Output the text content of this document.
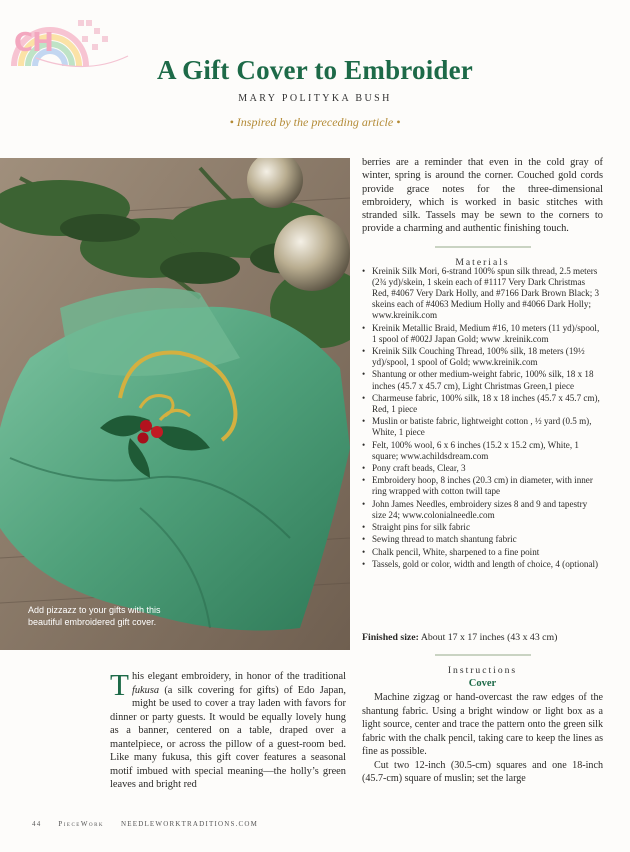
CH
A Gift Cover to Embroider
MARY POLITYKA BUSH
• Inspired by the preceding article •
Add pizzazz to your gifts with this beautiful embroidered gift cover.

berries are a reminder that even in the cold gray of winter, spring is around the corner. Couched gold cords provide grace notes for the three-dimensional embroidery, which is worked in basic stitches with stranded silk. Tassels may be sewn to the corners to provide a charming and authentic finishing touch.

Materials
• Kreinik Silk Mori, 6-strand 100% spun silk thread, 2.5 meters (2¾ yd)/skein, 1 skein each of #1117 Very Dark Christmas Red, #4067 Very Dark Holly, and #7166 Dark Brown Black; 3 skeins each of #4063 Medium Holly and #4066 Dark Holly; www.kreinik.com
• Kreinik Metallic Braid, Medium #16, 10 meters (11 yd)/spool, 1 spool of #002J Japan Gold; www .kreinik.com
• Kreinik Silk Couching Thread, 100% silk, 18 meters (19½ yd)/spool, 1 spool of Gold; www.kreinik.com
• Shantung or other medium-weight fabric, 100% silk, 18 x 18 inches (45.7 x 45.7 cm), Light Christmas Green,1 piece
• Charmeuse fabric, 100% silk, 18 x 18 inches (45.7 x 45.7 cm), Red, 1 piece
• Muslin or batiste fabric, lightweight cotton , ½ yard (0.5 m), White, 1 piece
• Felt, 100% wool, 6 x 6 inches (15.2 x 15.2 cm), White, 1 square; www.achildsdream.com
• Pony craft beads, Clear, 3
• Embroidery hoop, 8 inches (20.3 cm) in diameter, with inner ring wrapped with cotton twill tape
• John James Needles, embroidery sizes 8 and 9 and tapestry size 24; www.colonialneedle.com
• Straight pins for silk fabric
• Sewing thread to match shantung fabric
• Chalk pencil, White, sharpened to a fine point
• Tassels, gold or color, width and length of choice, 4 (optional)
Finished size: About 17 x 17 inches (43 x 43 cm)
Instructions
Cover

Machine zigzag or hand-overcast the raw edges of the shantung fabric. Using a bright window or light box as a light source, center and trace the pattern onto the green silk fabric with the chalk pencil, taking care to keep the lines as fine as possible.

Cut two 12-inch (30.5-cm) squares and one 18-inch (45.7-cm) square of muslin; set the large

This elegant embroidery, in honor of the traditional fukusa (a silk covering for gifts) of Edo Japan, might be used to cover a tray laden with favors for dinner or party guests. It would be equally lovely hung as a banner, centered on a table, draped over a mantelpiece, or across the pillow of a guest-room bed. Like many fukusa, this gift cover features a seasonal motif imbued with special meaning—the holly’s green leaves and bright red
44 PieceWork NEEDLEWORKTRADITIONS.COM
